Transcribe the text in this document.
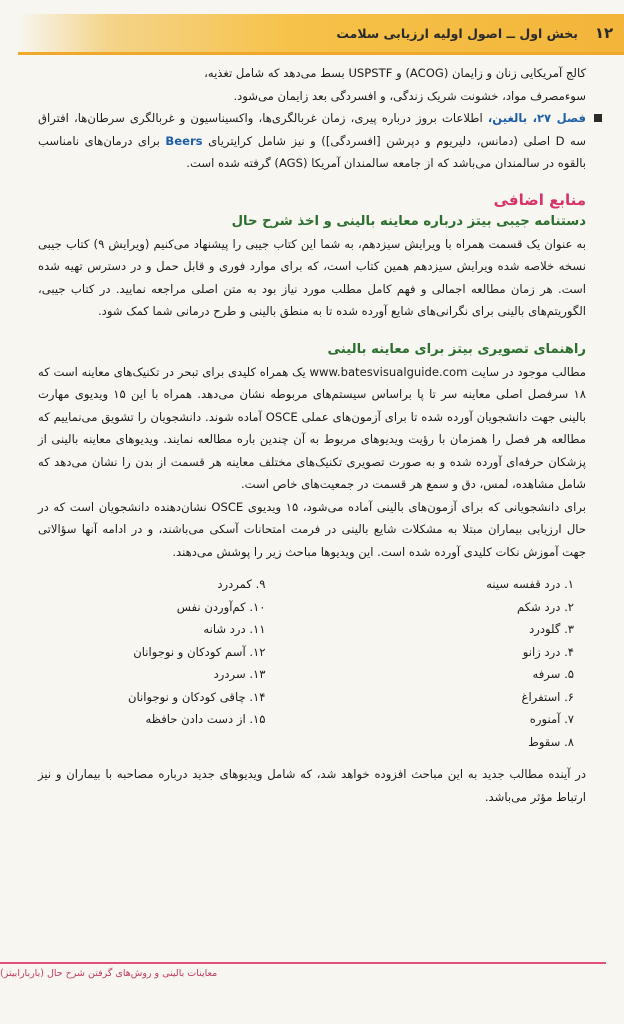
۱۲
بخش اول ــ اصول اولیه ارزیابی سلامت

کالج آمریکایی زنان و زایمان (ACOG) و USPSTF بسط می‌دهد که شامل تغذیه،

سوءمصرف مواد، خشونت شریک زندگی، و افسردگی بعد زایمان می‌شود.

فصل ۲۷، بالغین، اطلاعات بروز درباره پیری، زمان غربالگری‌ها، واکسیناسیون و غربالگری سرطان‌ها، افتراق سه D اصلی (دمانس، دلیریوم و دپرشن [افسردگی]) و نیز شامل کرایتریای Beers برای درمان‌های نامناسب بالقوه در سالمندان می‌باشد که از جامعه سالمندان آمریکا (AGS) گرفته شده است.

منابع اضافی
دستنامه جیبی بیتز درباره معاینه بالینی و اخذ شرح حال

به عنوان یک قسمت همراه با ویرایش سیزدهم، به شما این کتاب جیبی را پیشنهاد می‌کنیم (ویرایش ۹) کتاب جیبی نسخه خلاصه شده ویرایش سیزدهم همین کتاب است، که برای موارد فوری و قابل حمل و در دسترس تهیه شده است. هر زمان مطالعه اجمالی و فهم کامل مطلب مورد نیاز بود به متن اصلی مراجعه نمایید. در کتاب جیبی، الگوریتم‌های بالینی برای نگرانی‌های شایع آورده شده تا به منطق بالینی و طرح درمانی شما کمک شود.

راهنمای تصویری بیتز برای معاینه بالینی

مطالب موجود در سایت www.batesvisualguide.com یک همراه کلیدی برای تبحر در تکنیک‌های معاینه است که ۱۸ سرفصل اصلی معاینه سر تا پا براساس سیستم‌های مربوطه نشان می‌دهد. همراه با این ۱۵ ویدیوی مهارت بالینی جهت دانشجویان آورده شده تا برای آزمون‌های عملی OSCE آماده شوند. دانشجویان را تشویق می‌نماییم که مطالعه هر فصل را همزمان با رؤیت ویدیوهای مربوط به آن چندین باره مطالعه نمایند. ویدیوهای معاینه بالینی از پزشکان حرفه‌ای آورده شده و به صورت تصویری تکنیک‌های مختلف معاینه هر قسمت از بدن را نشان می‌دهد که شامل مشاهده، لمس، دق و سمع هر قسمت در جمعیت‌های خاص است.

برای دانشجویانی که برای آزمون‌های بالینی آماده می‌شود، ۱۵ ویدیوی OSCE نشان‌دهنده دانشجویان است که در حال ارزیابی بیماران مبتلا به مشکلات شایع بالینی در فرمت امتحانات آسکی می‌باشند، و در ادامه آنها سؤالاتی جهت آموزش نکات کلیدی آورده شده است. این ویدیوها مباحث زیر را پوشش می‌دهند.

۱. درد قفسه سینه
۲. درد شکم
۳. گلودرد
۴. درد زانو
۵. سرفه
۶. استفراغ
۷. آمنوره
۸. سقوط
۹. کمردرد
۱۰. کم‌آوردن نفس
۱۱. درد شانه
۱۲. آسم کودکان و نوجوانان
۱۳. سردرد
۱۴. چاقی کودکان و نوجوانان
۱۵. از دست دادن حافظه

در آینده مطالب جدید به این مباحث افزوده خواهد شد، که شامل ویدیوهای جدید درباره مصاحبه با بیماران و نیز ارتباط مؤثر می‌باشد.

معاینات بالینی و روش‌های گرفتن شرح حال (باربارابیتز)
